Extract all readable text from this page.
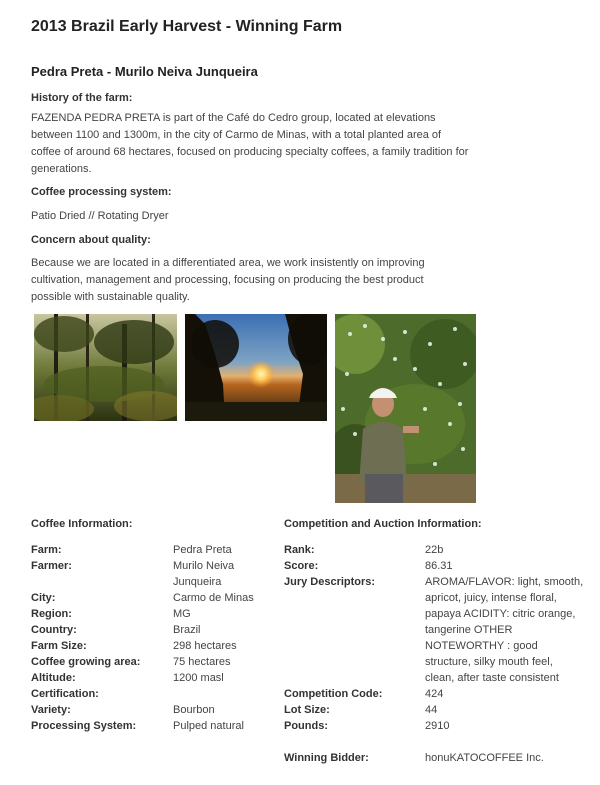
2013 Brazil Early Harvest - Winning Farm
Pedra Preta - Murilo Neiva Junqueira
History of the farm:
FAZENDA PEDRA PRETA is part of the Café do Cedro group, located at elevations between 1100 and 1300m, in the city of Carmo de Minas, with a total planted area of coffee of around 68 hectares, focused on producing specialty coffees, a family tradition for generations.
Coffee processing system:
Patio Dried // Rotating Dryer
Concern about quality:
Because we are located in a differentiated area, we work insistently on improving cultivation, management and processing, focusing on producing the best product possible with sustainable quality.
Coffee Information:
Farm:	Pedra Preta
Farmer:	Murilo Neiva Junqueira
City:	Carmo de Minas
Region:	MG
Country:	Brazil
Farm Size:	298 hectares
Coffee growing area:	75 hectares
Altitude:	1200 masl
Certification:
Variety:	Bourbon
Processing System:	Pulped natural
Competition and Auction Information:
Rank:	22b
Score:	86.31
Jury Descriptors:	AROMA/FLAVOR: light, smooth, apricot, juicy, intense floral, papaya ACIDITY: citric orange, tangerine OTHER NOTEWORTHY : good structure, silky mouth feel, clean, after taste consistent
Competition Code:	424
Lot Size:	44
Pounds:	2910
Winning Bidder:	honuKATOCOFFEE Inc.
